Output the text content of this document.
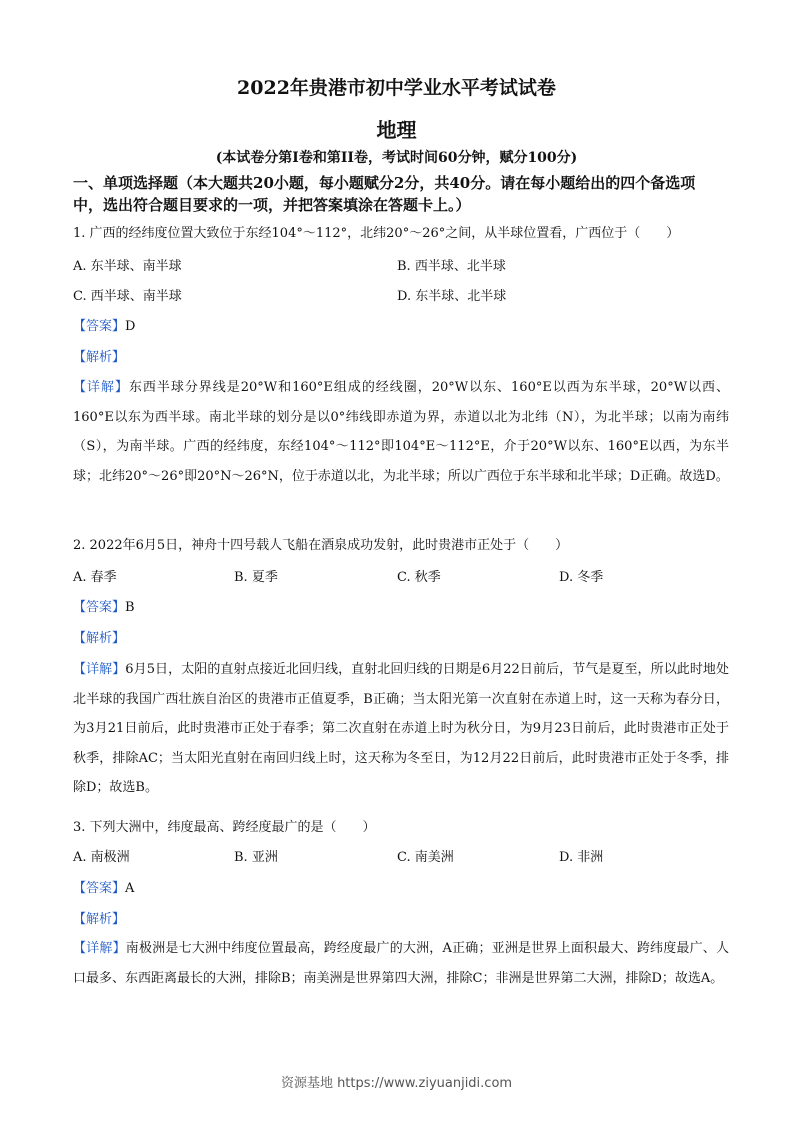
2022年贵港市初中学业水平考试试卷
地理
(本试卷分第I卷和第II卷，考试时间60分钟，赋分100分)
一、单项选择题（本大题共20小题，每小题赋分2分，共40分。请在每小题给出的四个备选项中，选出符合题目要求的一项，并把答案填涂在答题卡上。）
1. 广西的经纬度位置大致位于东经104°～112°，北纬20°～26°之间，从半球位置看，广西位于（　　）
A. 东半球、南半球	B. 西半球、北半球
C. 西半球、南半球	D. 东半球、北半球
【答案】D
【解析】
【详解】东西半球分界线是20°W和160°E组成的经线圈，20°W以东、160°E以西为东半球，20°W以西、160°E以东为西半球。南北半球的划分是以0°纬线即赤道为界，赤道以北为北纬（N），为北半球；以南为南纬（S），为南半球。广西的经纬度，东经104°～112°即104°E～112°E，介于20°W以东、160°E以西，为东半球；北纬20°～26°即20°N～26°N，位于赤道以北，为北半球；所以广西位于东半球和北半球；D正确。故选D。
2. 2022年6月5日，神舟十四号载人飞船在酒泉成功发射，此时贵港市正处于（　　）
A. 春季	B. 夏季	C. 秋季	D. 冬季
【答案】B
【解析】
【详解】6月5日，太阳的直射点接近北回归线，直射北回归线的日期是6月22日前后，节气是夏至，所以此时地处北半球的我国广西壮族自治区的贵港市正值夏季，B正确；当太阳光第一次直射在赤道上时，这一天称为春分日，为3月21日前后，此时贵港市正处于春季；第二次直射在赤道上时为秋分日，为9月23日前后，此时贵港市正处于秋季，排除AC；当太阳光直射在南回归线上时，这天称为冬至日，为12月22日前后，此时贵港市正处于冬季，排除D；故选B。
3. 下列大洲中，纬度最高、跨经度最广的是（　　）
A. 南极洲	B. 亚洲	C. 南美洲	D. 非洲
【答案】A
【解析】
【详解】南极洲是七大洲中纬度位置最高，跨经度最广的大洲，A正确；亚洲是世界上面积最大、跨纬度最广、人口最多、东西距离最长的大洲，排除B；南美洲是世界第四大洲，排除C；非洲是世界第二大洲，排除D；故选A。
资源基地 https://www.ziyuanjidi.com
